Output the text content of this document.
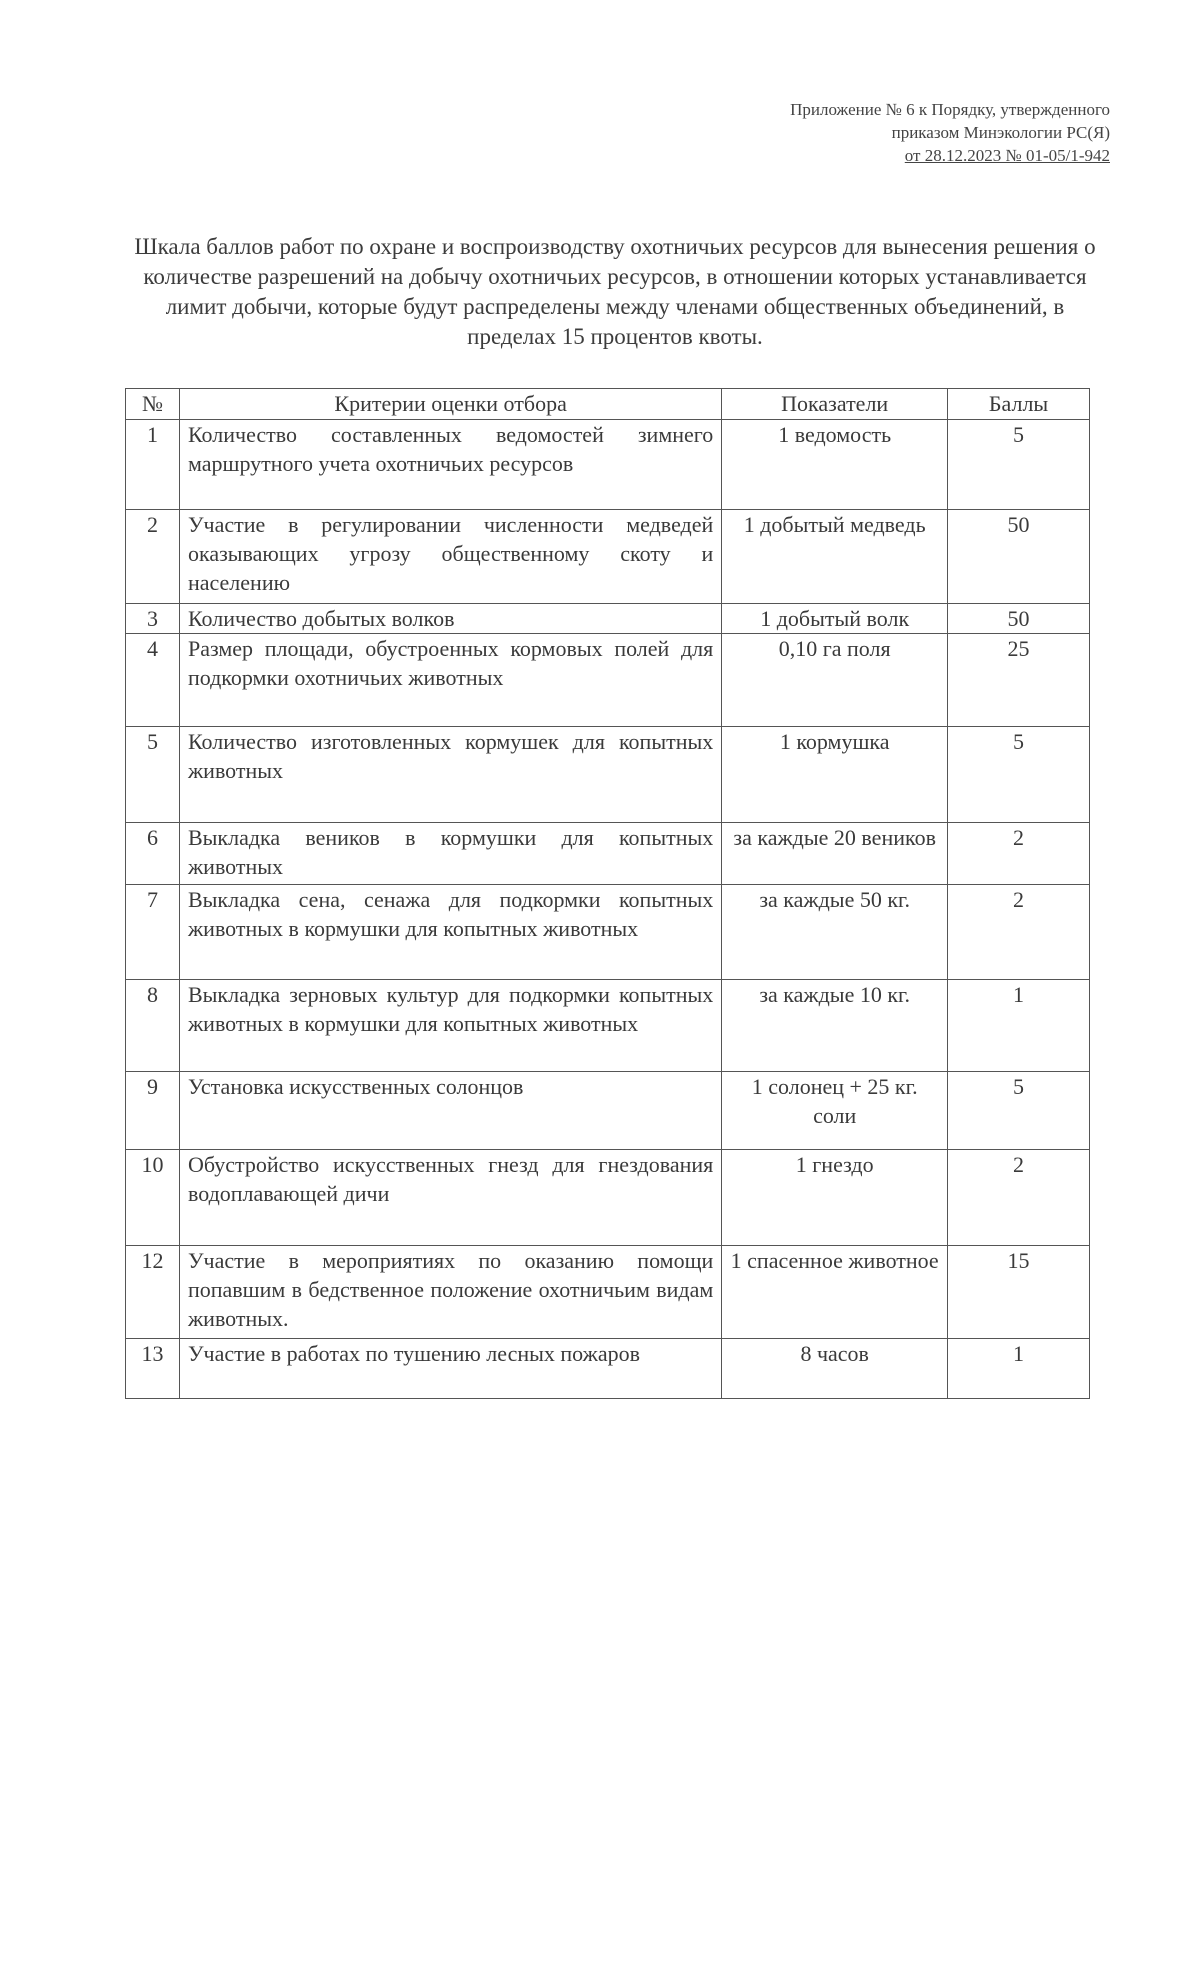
Приложение № 6 к Порядку, утвержденного
приказом Минэкологии РС(Я)
от 28.12.2023 № 01-05/1-942
Шкала баллов работ по охране и воспроизводству охотничьих ресурсов для вынесения решения о количестве разрешений на добычу охотничьих ресурсов, в отношении которых устанавливается лимит добычи, которые будут распределены между членами общественных объединений, в пределах 15 процентов квоты.
№	Критерии оценки отбора	Показатели	Баллы
1	Количество составленных ведомостей зимнего маршрутного учета охотничьих ресурсов	1 ведомость	5
2	Участие в регулировании численности медведей оказывающих угрозу общественному скоту и населению	1 добытый медведь	50
3	Количество добытых волков	1 добытый волк	50
4	Размер площади, обустроенных кормовых полей для подкормки охотничьих животных	0,10 га поля	25
5	Количество изготовленных кормушек для копытных животных	1 кормушка	5
6	Выкладка веников в кормушки для копытных животных	за каждые 20 веников	2
7	Выкладка сена, сенажа для подкормки копытных животных в кормушки для копытных животных	за каждые 50 кг.	2
8	Выкладка зерновых культур для подкормки копытных животных в кормушки для копытных животных	за каждые 10 кг.	1
9	Установка искусственных солонцов	1 солонец + 25 кг. соли	5
10	Обустройство искусственных гнезд для гнездования водоплавающей дичи	1 гнездо	2
12	Участие в мероприятиях по оказанию помощи попавшим в бедственное положение охотничьим видам животных.	1 спасенное животное	15
13	Участие в работах по тушению лесных пожаров	8 часов	1
